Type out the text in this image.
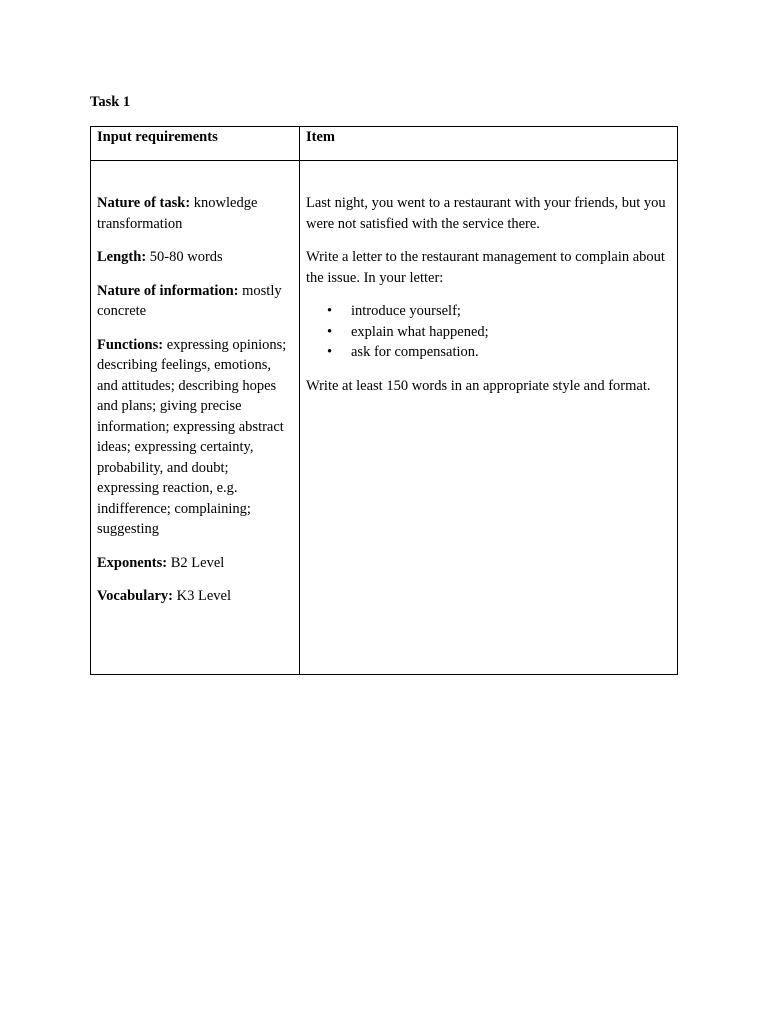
Task 1
Input requirements	Item

Nature of task: knowledge transformation

Length: 50-80 words

Nature of information: mostly concrete

Functions: expressing opinions; describing feelings, emotions, and attitudes; describing hopes and plans; giving precise information; expressing abstract ideas; expressing certainty, probability, and doubt; expressing reaction, e.g. indifference; complaining; suggesting

Exponents: B2 Level

Vocabulary: K3 Level

Last night, you went to a restaurant with your friends, but you were not satisfied with the service there.

Write a letter to the restaurant management to complain about the issue. In your letter:

• introduce yourself;
• explain what happened;
• ask for compensation.

Write at least 150 words in an appropriate style and format.
